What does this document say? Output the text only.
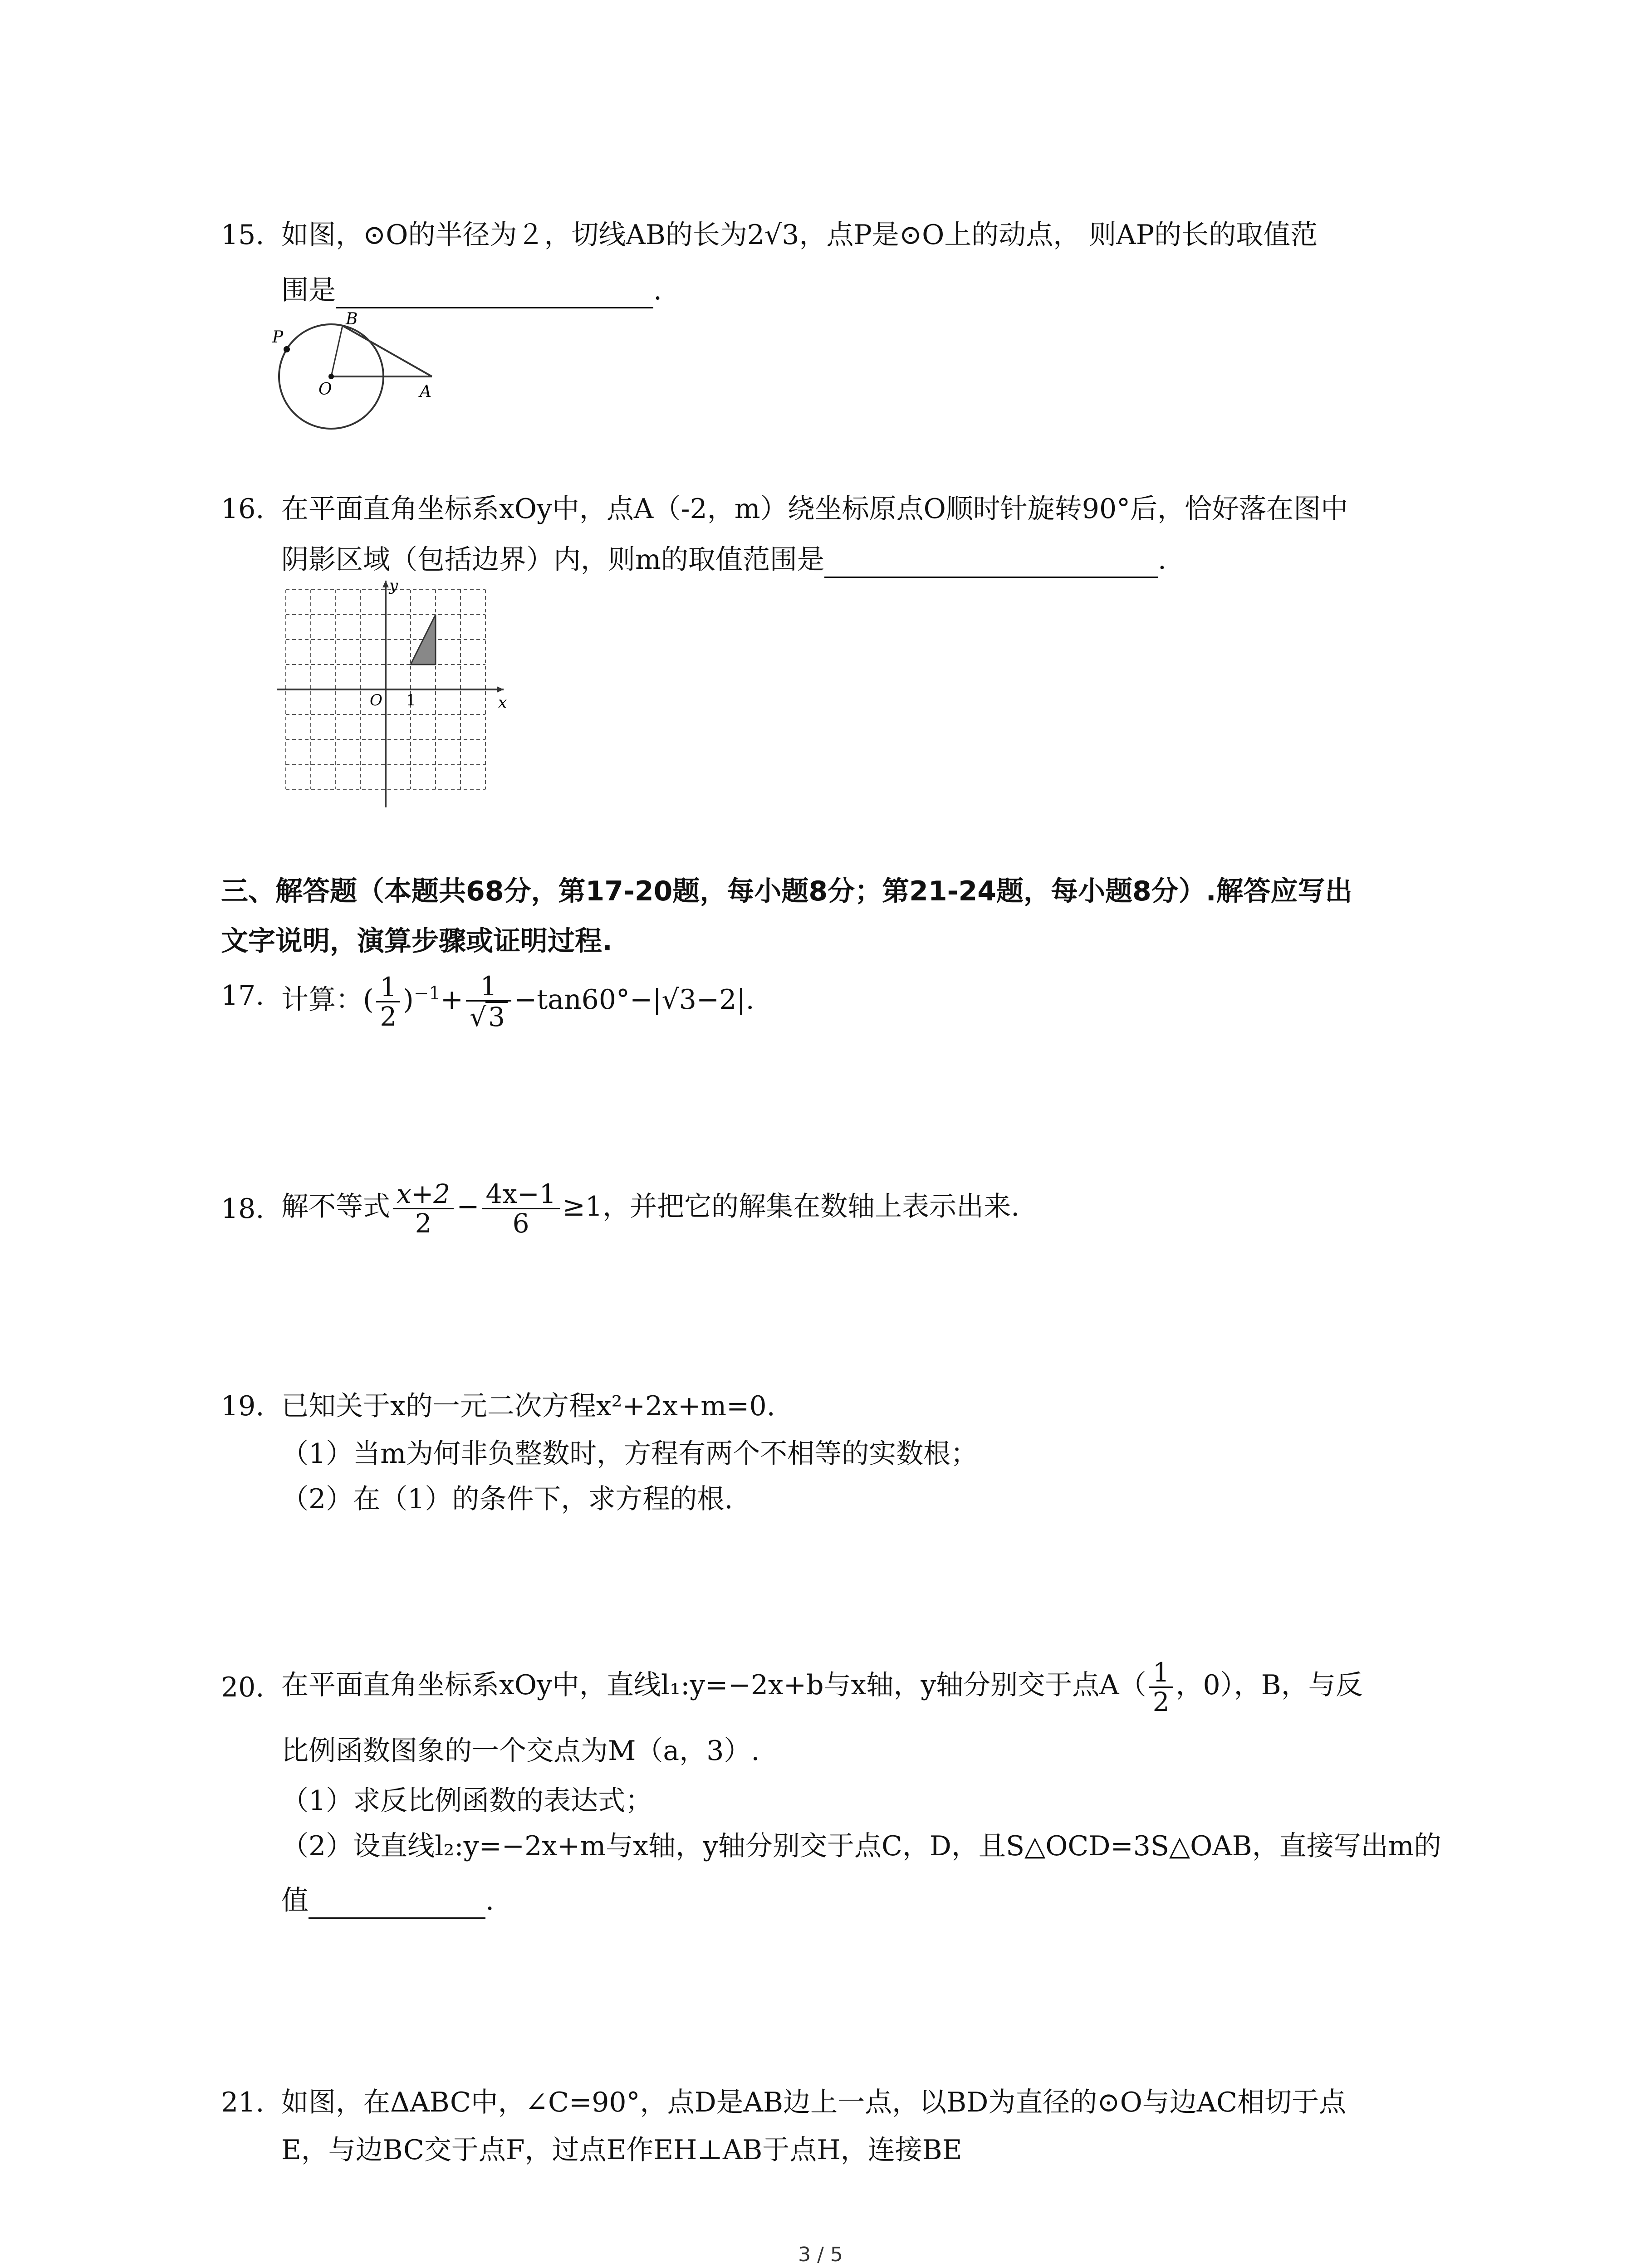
15. 如图，⊙O的半径为２，切线AB的长为2√3，点P是⊙O上的动点， 则AP的长的取值范
围是	.
B
P
O	A
16. 在平面直角坐标系xOy中，点A（-2，m）绕坐标原点O顺时针旋转90°后，恰好落在图中
阴影区域（包括边界）内，则m的取值范围是	.
y
x
O 1
三、解答题（本题共68分，第17-20题，每小题8分；第21-24题，每小题8分）.解答应写出
文字说明，演算步骤或证明过程.
17. 计算：( $\frac{1}{2} )^{-1}+ \frac{1}{√3} -\tan 60^\circ-|√3-2|$.
18. 解不等式 $\frac{x+2}{2} - \frac{4x-1}{6} \ge 1$，并把它的解集在数轴上表示出来.
19. 已知关于x的一元二次方程x²+2x+m=0.
（1）当m为何非负整数时，方程有两个不相等的实数根；
（2）在（1）的条件下，求方程的根.
20. 在平面直角坐标系xOy中，直线l₁:y=−2x+b与x轴，y轴分别交于点$A( \frac{1}{2}$ ，0），B，与反
比例函数图象的一个交点为M（a，3）.
（1）求反比例函数的表达式；
（2）设直线l₂:y=−2x+m与x轴，y轴分别交于点C，D，且S△OCD=3S△OAB，直接写出m的
值	.
21. 如图，在ΔABC中，∠C=90°，点D是AB边上一点，以BD为直径的⊙O与边AC相切于点
E，与边BC交于点F，过点E作EH⊥AB于点H，连接BE
3 / 5
